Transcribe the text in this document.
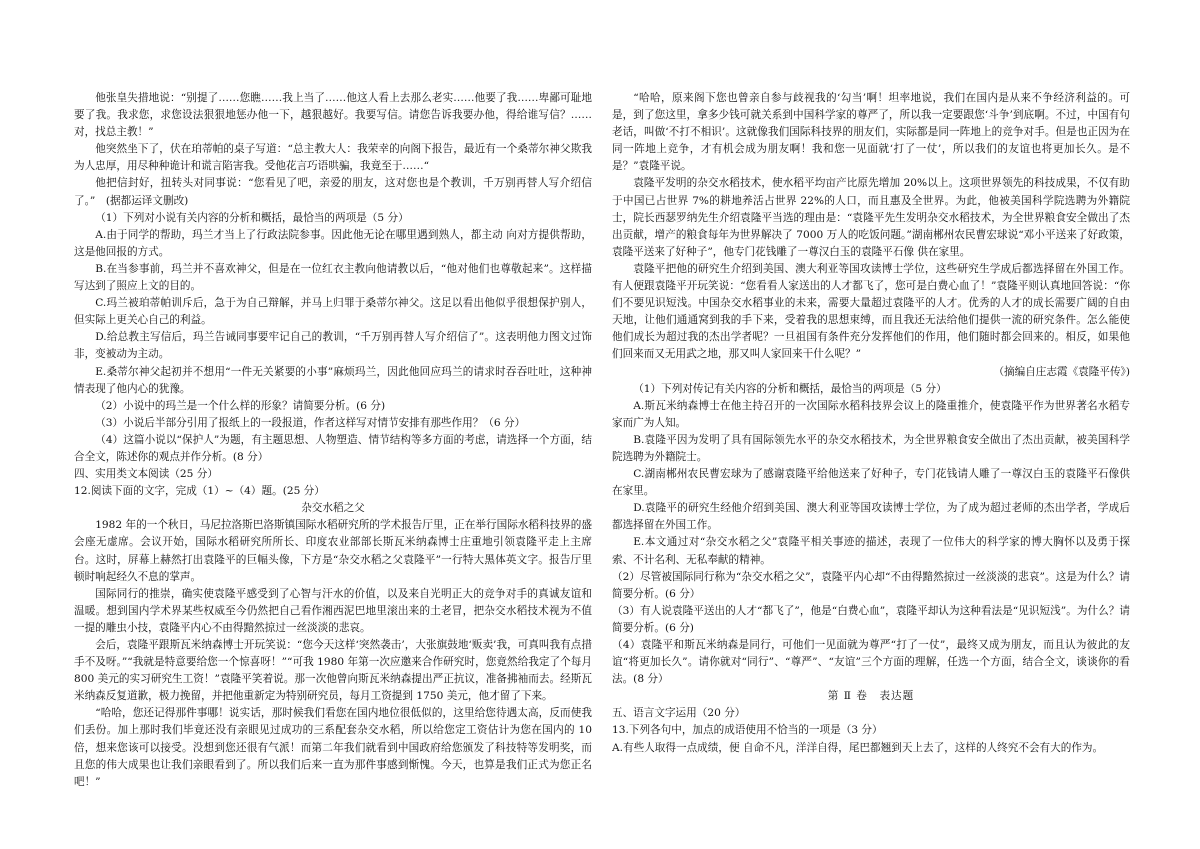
他张皇失措地说：“别提了……您瞧……我上当了……他这人看上去那么老实……他要了我……卑鄙可耻地要了我。我求您，求您设法狠狠地惩办他一下，越狠越好。我要写信。请您告诉我要办他，得给谁写信？……对，找总主教！”

他突然坐下了，伏在珀蒂帕的桌子写道：“总主教大人：我荣幸的向阁下报告，最近有一个桑蒂尔神父欺我为人忠厚，用尽种种诡计和谎言陷害我。受他花言巧语哄骗，我竟至于……“

他把信封好，扭转头对同事说：“您看见了吧，亲爱的朋友，这对您也是个教训，千万别再替人写介绍信了。”　(据都运译文删改)

（1）下列对小说有关内容的分析和概括，最恰当的两项是（5 分）

A.由于同学的帮助，玛兰才当上了行政法院参事。因此他无论在哪里遇到熟人，都主动 向对方提供帮助，这是他回报的方式。

B.在当参事前，玛兰并不喜欢神父，但是在一位红衣主教向他请教以后，“他对他们也尊敬起来”。这样描写达到了照应上文的目的。

C.玛兰被珀蒂帕训斥后，急于为自己辩解，并马上归罪于桑蒂尔神父。这足以看出他似乎很想保护别人，但实际上更关心自己的利益。

D.给总教主写信后，玛兰告诫同事要牢记自己的教训，“千万别再替人写介绍信了”。这表明他力图文过饰非，变被动为主动。

E.桑蒂尔神父起初并不想用“一件无关紧要的小事”麻烦玛兰，因此他回应玛兰的请求时吞吞吐吐，这种神情表现了他内心的犹豫。

（2）小说中的玛兰是一个什么样的形象？请简要分析。(6 分)

（3）小说后半部分引用了报纸上的一段报道，作者这样写对情节安排有那些作用？（6 分）

（4）这篇小说以“保护人”为题，有主题思想、人物塑造、情节结构等多方面的考虑，请选择一个方面，结合全文，陈述你的观点并作分析。(8 分）

四、实用类文本阅读（25 分）

12.阅读下面的文字，完成（1）~（4）题。(25 分）

杂交水稻之父

1982 年的一个秋日，马尼拉洛斯巴洛斯镇国际水稻研究所的学术报告厅里，正在举行国际水稻科技界的盛会座无虚席。会议开始，国际水稻研究所所长、印度农业部部长斯瓦米纳森博士庄重地引领袁隆平走上主席台。这时，屏幕上赫然打出袁隆平的巨幅头像，下方是“杂交水稻之父袁隆平”一行特大黑体英文字。报告厅里顿时响起经久不息的掌声。

国际同行的推崇，确实使袁隆平感受到了心智与汗水的价值，以及来自光明正大的竞争对手的真诚友谊和温暖。想到国内学术界某些权威至今仍然把自己看作湘西泥巴地里滚出来的土老冒，把杂交水稻技术视为不值一提的雕虫小技，袁隆平内心不由得黯然掠过一丝淡淡的悲哀。

会后，袁隆平跟斯瓦米纳森博士开玩笑说：“您今天这样‘突然袭击’，大张旗鼓地‘贩卖’我，可真叫我有点措手不及呀。”“我就是特意要给您一个惊喜呀！”“可我 1980 年第一次应邀来合作研究时，您竟然给我定了个每月 800 美元的实习研究生工资！”袁隆平笑着说。那一次他曾向斯瓦米纳森提出严正抗议，准备拂袖而去。经斯瓦米纳森反复道歉，极力挽留，并把他重新定为特别研究员，每月工资提到 1750 美元，他才留了下来。

“哈哈，您还记得那件事哪！说实话，那时候我们看您在国内地位很低似的，这里给您待遇太高，反而使我们丢份。加上那时我们毕竟还没有亲眼见过成功的三系配套杂交水稻，所以给您定工资估计为您在国内的 10 倍，想来您该可以接受。没想到您还很有气派！而第二年我们就看到中国政府给您颁发了科技特等发明奖，而且您的伟大成果也让我们亲眼看到了。所以我们后来一直为那件事感到惭愧。今天，也算是我们正式为您正名吧！”

“哈哈，原来阁下您也曾亲自参与歧视我的‘勾当’啊！坦率地说，我们在国内是从来不争经济利益的。可是，到了您这里，拿多少钱可就关系到中国科学家的尊严了，所以我一定要跟您‘斗争’到底啊。不过，中国有句老话，叫做‘不打不相识’。这就像我们国际科技界的朋友们，实际都是同一阵地上的竞争对手。但是也正因为在同一阵地上竞争，才有机会成为朋友啊！我和您一见面就‘打了一仗’，所以我们的友谊也将更加长久。是不是？”袁隆平说。

袁隆平发明的杂交水稻技术，使水稻平均亩产比原先增加 20%以上。这项世界领先的科技成果，不仅有助于中国已占世界 7%的耕地养活占世界 22%的人口，而且惠及全世界。为此，他被美国科学院选聘为外籍院士，院长西瑟罗纳先生介绍袁隆平当选的理由是：“袁隆平先生发明杂交水稻技术，为全世界粮食安全做出了杰出贡献，增产的粮食每年为世界解决了 7000 万人的吃饭问题。”湖南郴州农民曹宏球说“邓小平送来了好政策，袁隆平送来了好种子”，他专门花钱雕了一尊汉白玉的袁隆平石像 供在家里。

袁隆平把他的研究生介绍到美国、澳大利亚等国攻读博士学位，这些研究生学成后都选择留在外国工作。有人便跟袁隆平开玩笑说：“您看看人家送出的人才都飞了，您可是白费心血了！”袁隆平则认真地回答说：“你们不要见识短浅。中国杂交水稻事业的未来，需要大量超过袁隆平的人才。优秀的人才的成长需要广阔的自由天地，让他们通通窝到我的手下来，受着我的思想束缚，而且我还无法给他们提供一流的研究条件。怎么能使他们成长为超过我的杰出学者呢？一旦祖国有条件充分发挥他们的作用，他们随时都会回来的。相反，如果他们回来而又无用武之地，那又叫人家回来干什么呢？”

（摘编自庄志霞《袁隆平传》)

（1）下列对传记有关内容的分析和概括，最恰当的两项是（5 分）

A.斯瓦米纳森博士在他主持召开的一次国际水稻科技界会议上的隆重推介，使袁隆平作为世界著名水稻专家而广为人知。

B.袁隆平因为发明了具有国际领先水平的杂交水稻技术，为全世界粮食安全做出了杰出贡献，被美国科学院选聘为外籍院士。

C.湖南郴州农民曹宏球为了感谢袁隆平给他送来了好种子，专门花钱请人雕了一尊汉白玉的袁隆平石像供在家里。

D.袁隆平的研究生经他介绍到美国、澳大利亚等国攻读博士学位，为了成为超过老师的杰出学者，学成后都选择留在外国工作。

E.本文通过对“杂交水稻之父”袁隆平相关事迹的描述，表现了一位伟大的科学家的博大胸怀以及勇于探索、不计名利、无私奉献的精神。

（2）尽管被国际同行称为“杂交水稻之父”，袁隆平内心却“不由得黯然掠过一丝淡淡的悲哀”。这是为什么？请简要分析。(6 分）

（3）有人说袁隆平送出的人才“都飞了”，他是“白费心血”，袁隆平却认为这种看法是“见识短浅”。为什么？请简要分析。(6 分)

（4）袁隆平和斯瓦米纳森是同行，可他们一见面就为尊严“打了一仗”，最终又成为朋友，而且认为彼此的友谊“将更加长久”。请你就对“同行”、“尊严”、“友谊”三个方面的理解，任选一个方面，结合全文，谈谈你的看法。(8 分）

第 Ⅱ 卷　表达题

五、语言文字运用（20 分）

13.下列各句中，加点的成语使用不恰当的一项是（3 分）

A.有些人取得一点成绩，便 自命不凡，洋洋自得，尾巴都翘到天上去了，这样的人终究不会有大的作为。
